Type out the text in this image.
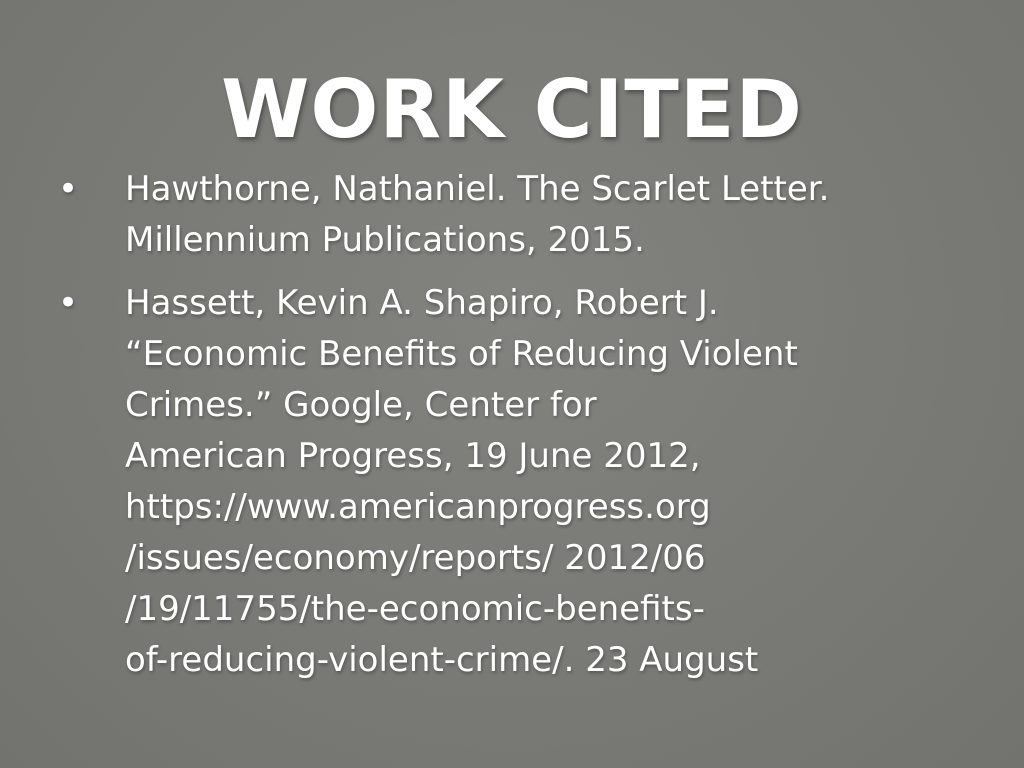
WORK CITED
• Hawthorne, Nathaniel. The Scarlet Letter.
Millennium Publications, 2015.
• Hassett, Kevin A. Shapiro, Robert J.
“Economic Benefits of Reducing Violent
Crimes.” Google, Center for
American Progress, 19 June 2012,
https://www.americanprogress.org
/issues/economy/reports/ 2012/06
/19/11755/the-economic-benefits-
of-reducing-violent-crime/. 23 August
